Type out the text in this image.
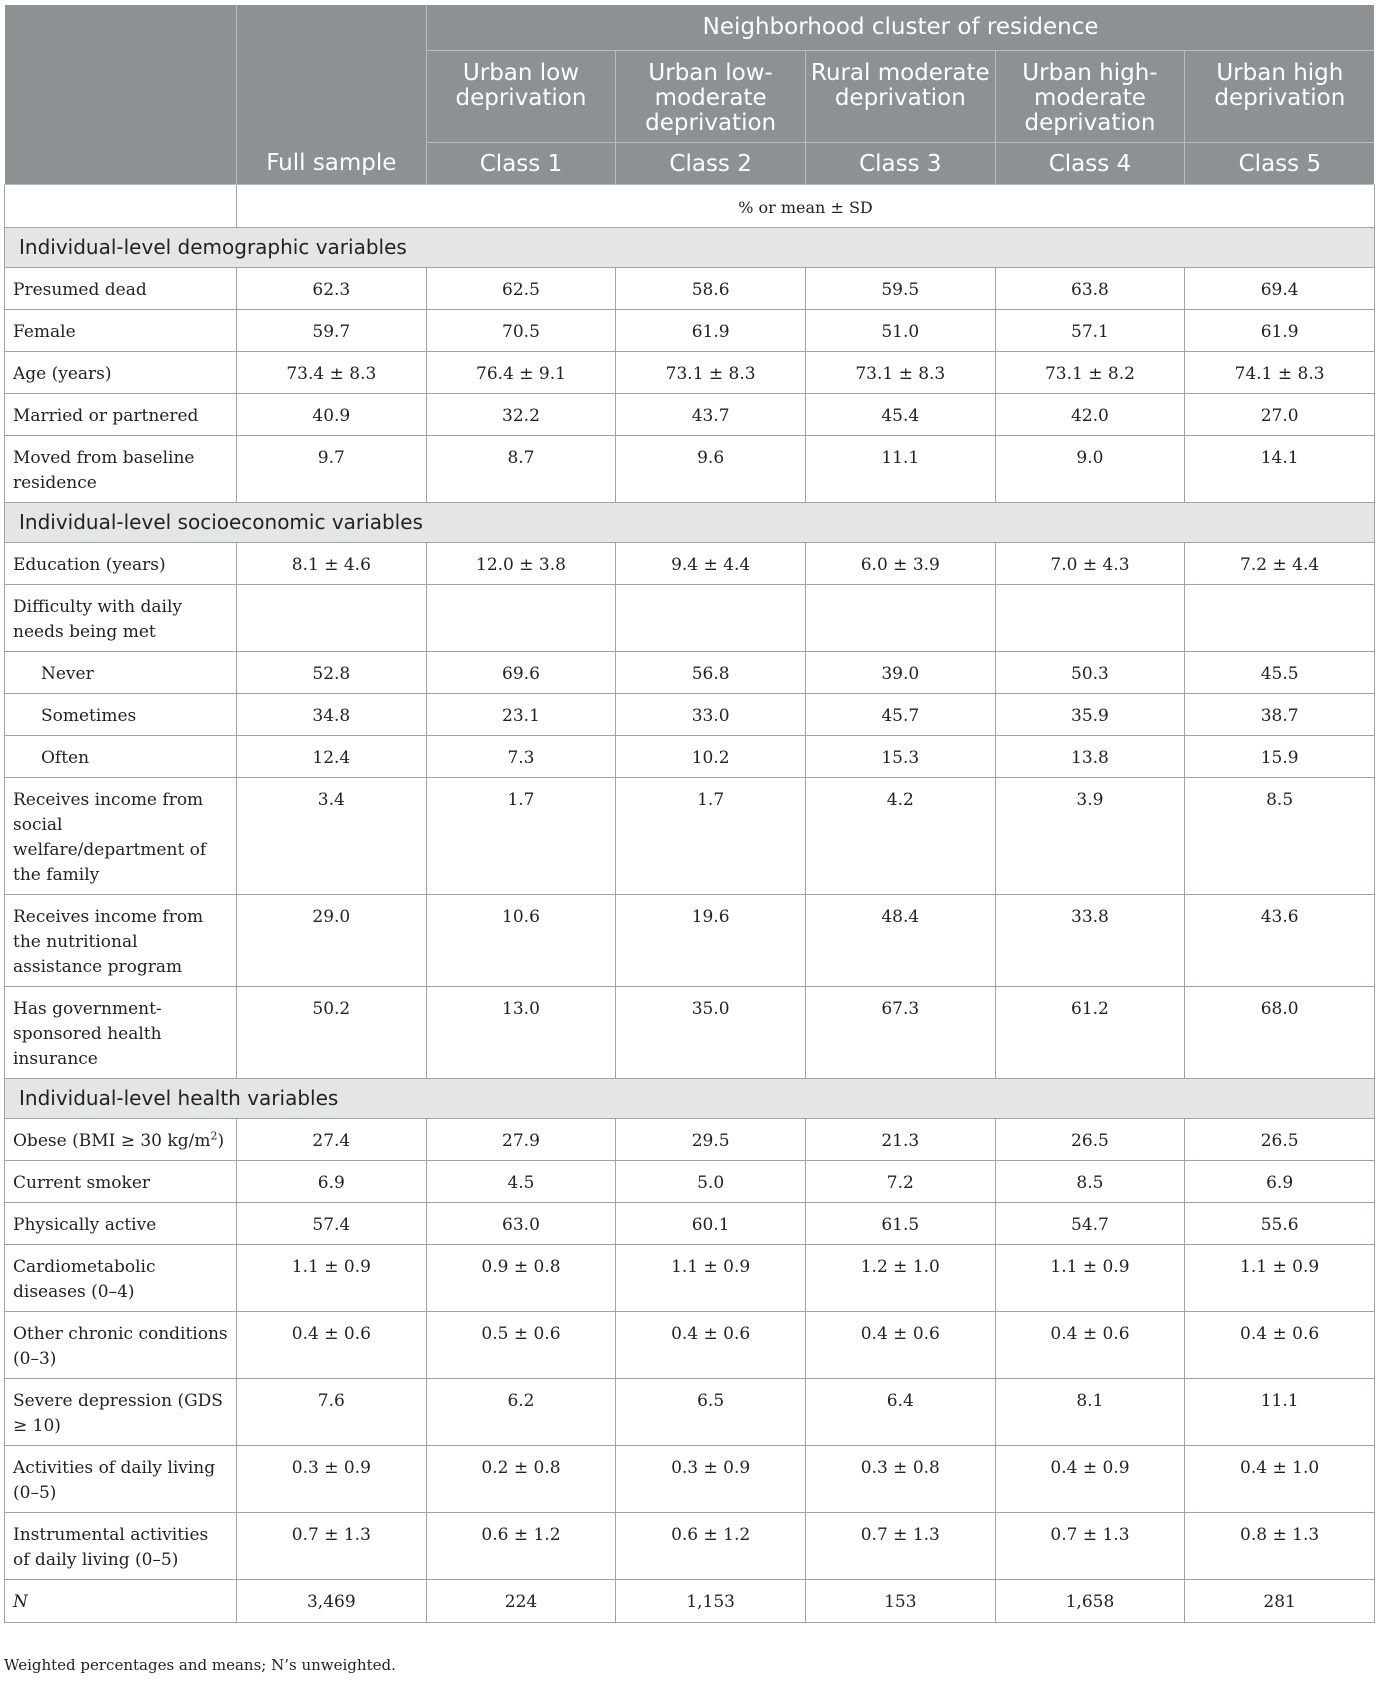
		Neighborhood cluster of residence				
		Urban low deprivation	Urban low-moderate deprivation	Rural moderate deprivation	Urban high-moderate deprivation	Urban high deprivation
	Full sample	Class 1	Class 2	Class 3	Class 4	Class 5
	% or mean ± SD					
Individual-level demographic variables						
Presumed dead	62.3	62.5	58.6	59.5	63.8	69.4
Female	59.7	70.5	61.9	51.0	57.1	61.9
Age (years)	73.4 ± 8.3	76.4 ± 9.1	73.1 ± 8.3	73.1 ± 8.3	73.1 ± 8.2	74.1 ± 8.3
Married or partnered	40.9	32.2	43.7	45.4	42.0	27.0
Moved from baseline residence	9.7	8.7	9.6	11.1	9.0	14.1
Individual-level socioeconomic variables						
Education (years)	8.1 ± 4.6	12.0 ± 3.8	9.4 ± 4.4	6.0 ± 3.9	7.0 ± 4.3	7.2 ± 4.4
Difficulty with daily needs being met						
Never	52.8	69.6	56.8	39.0	50.3	45.5
Sometimes	34.8	23.1	33.0	45.7	35.9	38.7
Often	12.4	7.3	10.2	15.3	13.8	15.9
Receives income from social welfare/department of the family	3.4	1.7	1.7	4.2	3.9	8.5
Receives income from the nutritional assistance program	29.0	10.6	19.6	48.4	33.8	43.6
Has government-sponsored health insurance	50.2	13.0	35.0	67.3	61.2	68.0
Individual-level health variables						
Obese (BMI ≥ 30 $kg/m^2$)	27.4	27.9	29.5	21.3	26.5	26.5
Current smoker	6.9	4.5	5.0	7.2	8.5	6.9
Physically active	57.4	63.0	60.1	61.5	54.7	55.6
Cardiometabolic diseases (0–4)	1.1 ± 0.9	0.9 ± 0.8	1.1 ± 0.9	1.2 ± 1.0	1.1 ± 0.9	1.1 ± 0.9
Other chronic conditions (0–3)	0.4 ± 0.6	0.5 ± 0.6	0.4 ± 0.6	0.4 ± 0.6	0.4 ± 0.6	0.4 ± 0.6
Severe depression (GDS ≥ 10)	7.6	6.2	6.5	6.4	8.1	11.1
Activities of daily living (0–5)	0.3 ± 0.9	0.2 ± 0.8	0.3 ± 0.9	0.3 ± 0.8	0.4 ± 0.9	0.4 ± 1.0
Instrumental activities of daily living (0–5)	0.7 ± 1.3	0.6 ± 1.2	0.6 ± 1.2	0.7 ± 1.3	0.7 ± 1.3	0.8 ± 1.3
N	3,469	224	1,153	153	1,658	281
Weighted percentages and means; N’s unweighted.
